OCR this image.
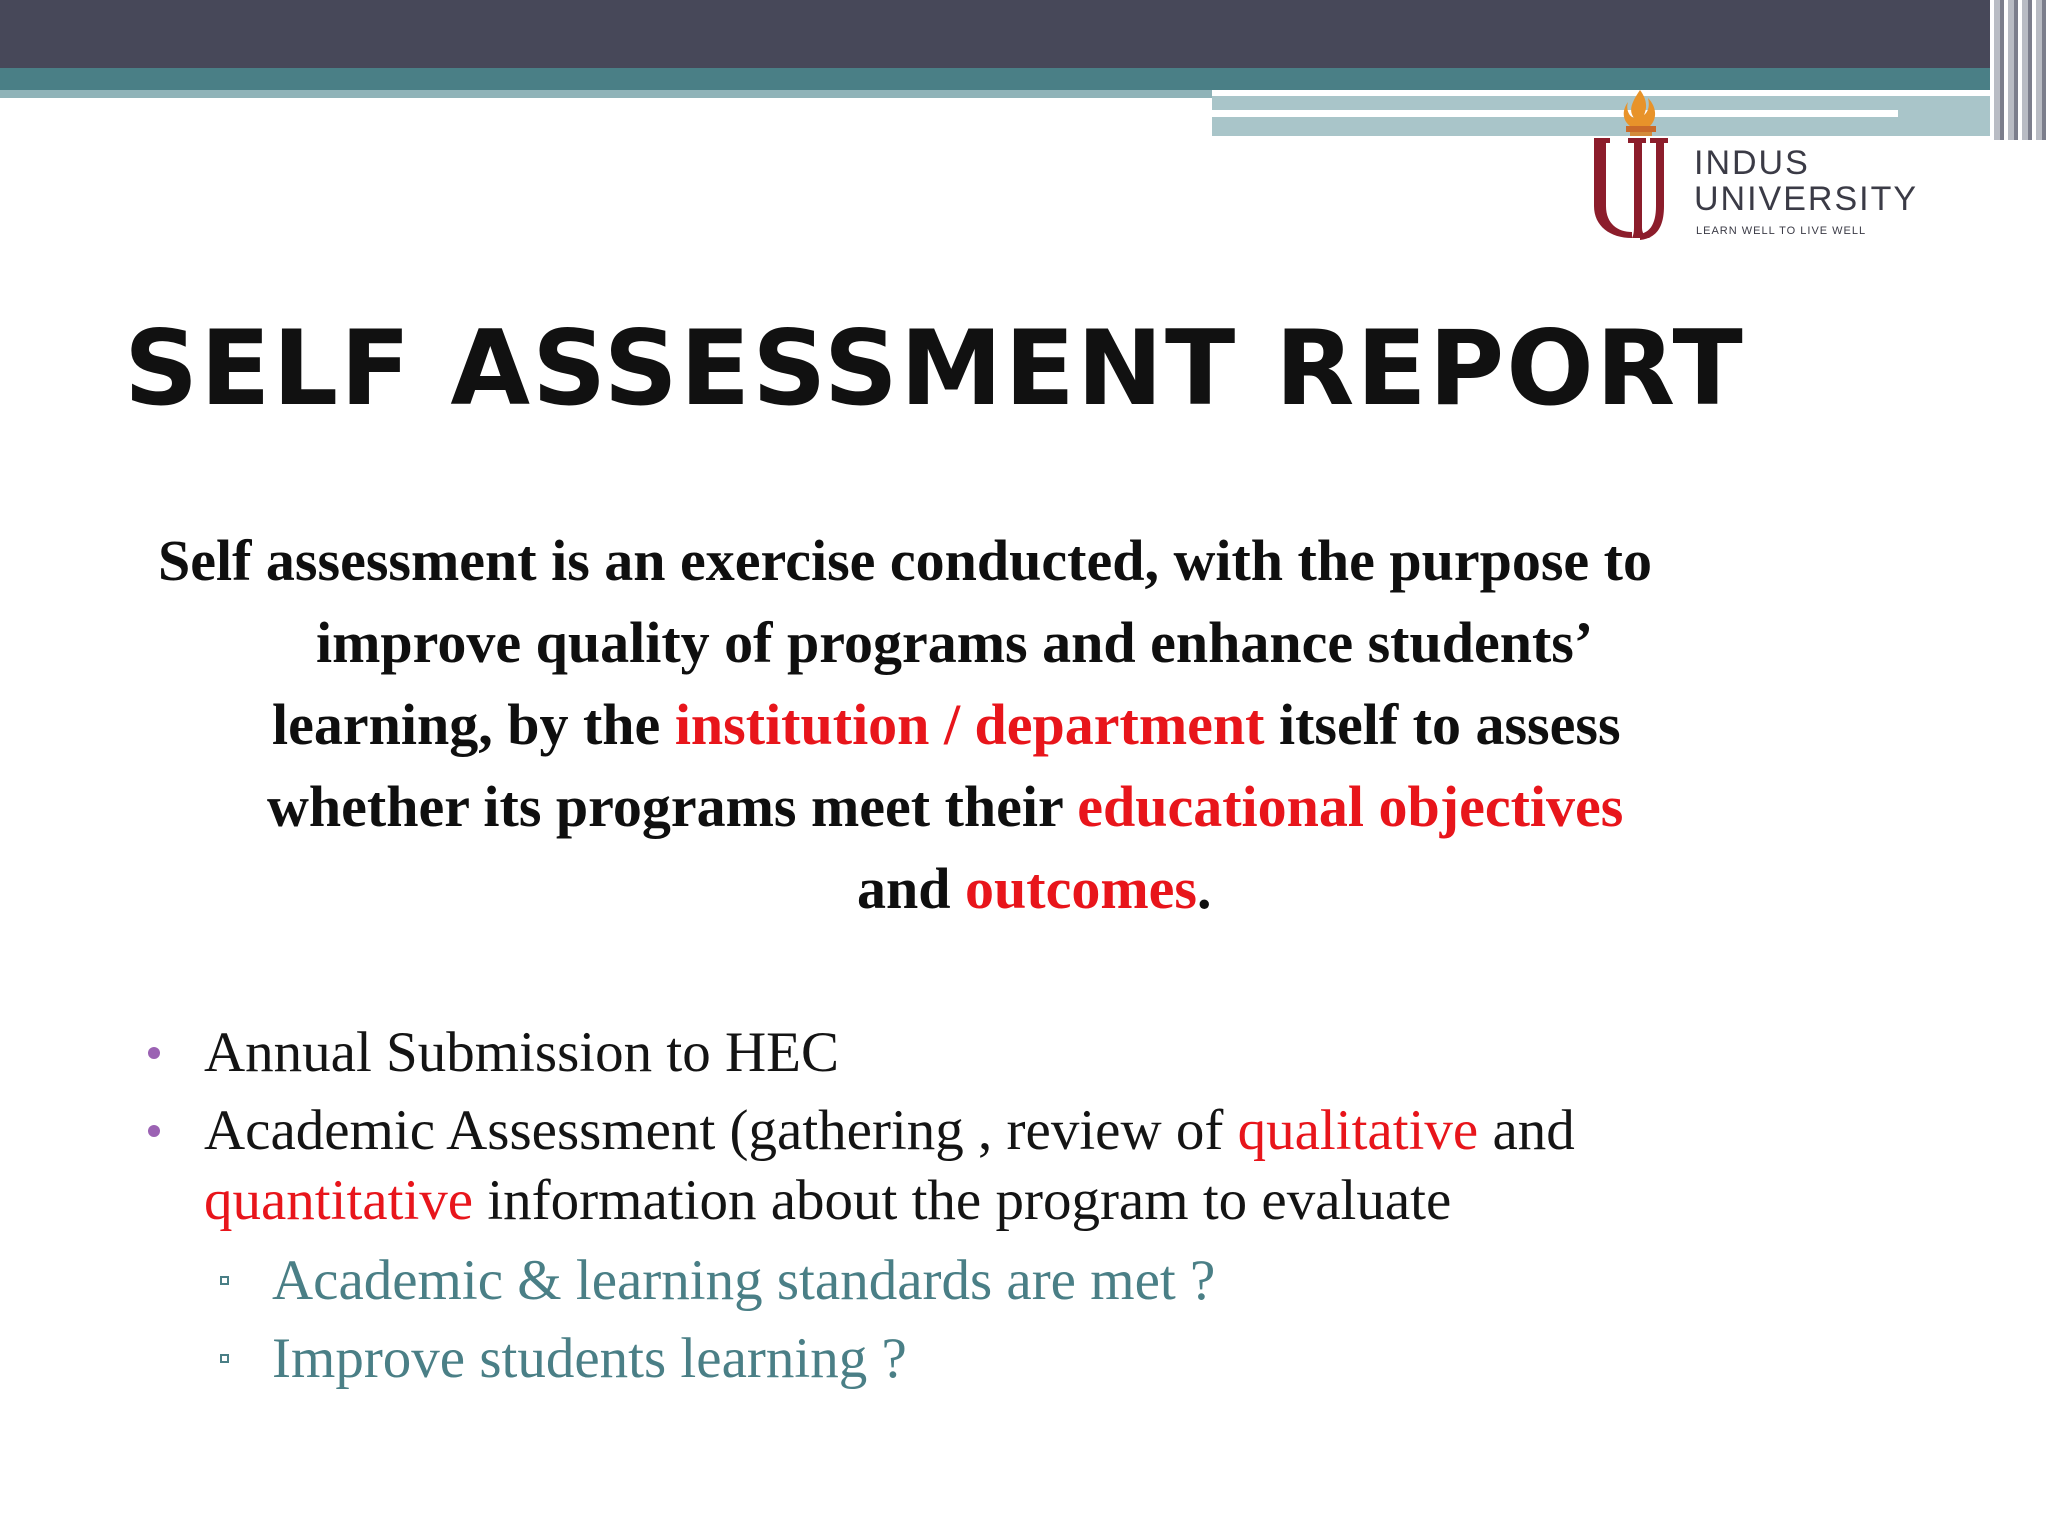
INDUS
UNIVERSITY
LEARN WELL TO LIVE WELL
SELF ASSESSMENT REPORT
Self assessment is an exercise conducted, with the purpose to
improve quality of programs and enhance students’
learning, by the institution / department itself to assess
whether its programs meet their educational objectives
and outcomes.
Annual Submission to HEC
Academic Assessment (gathering , review of qualitative and
quantitative information about the program to evaluate
Academic & learning standards are met ?
Improve students learning ?
